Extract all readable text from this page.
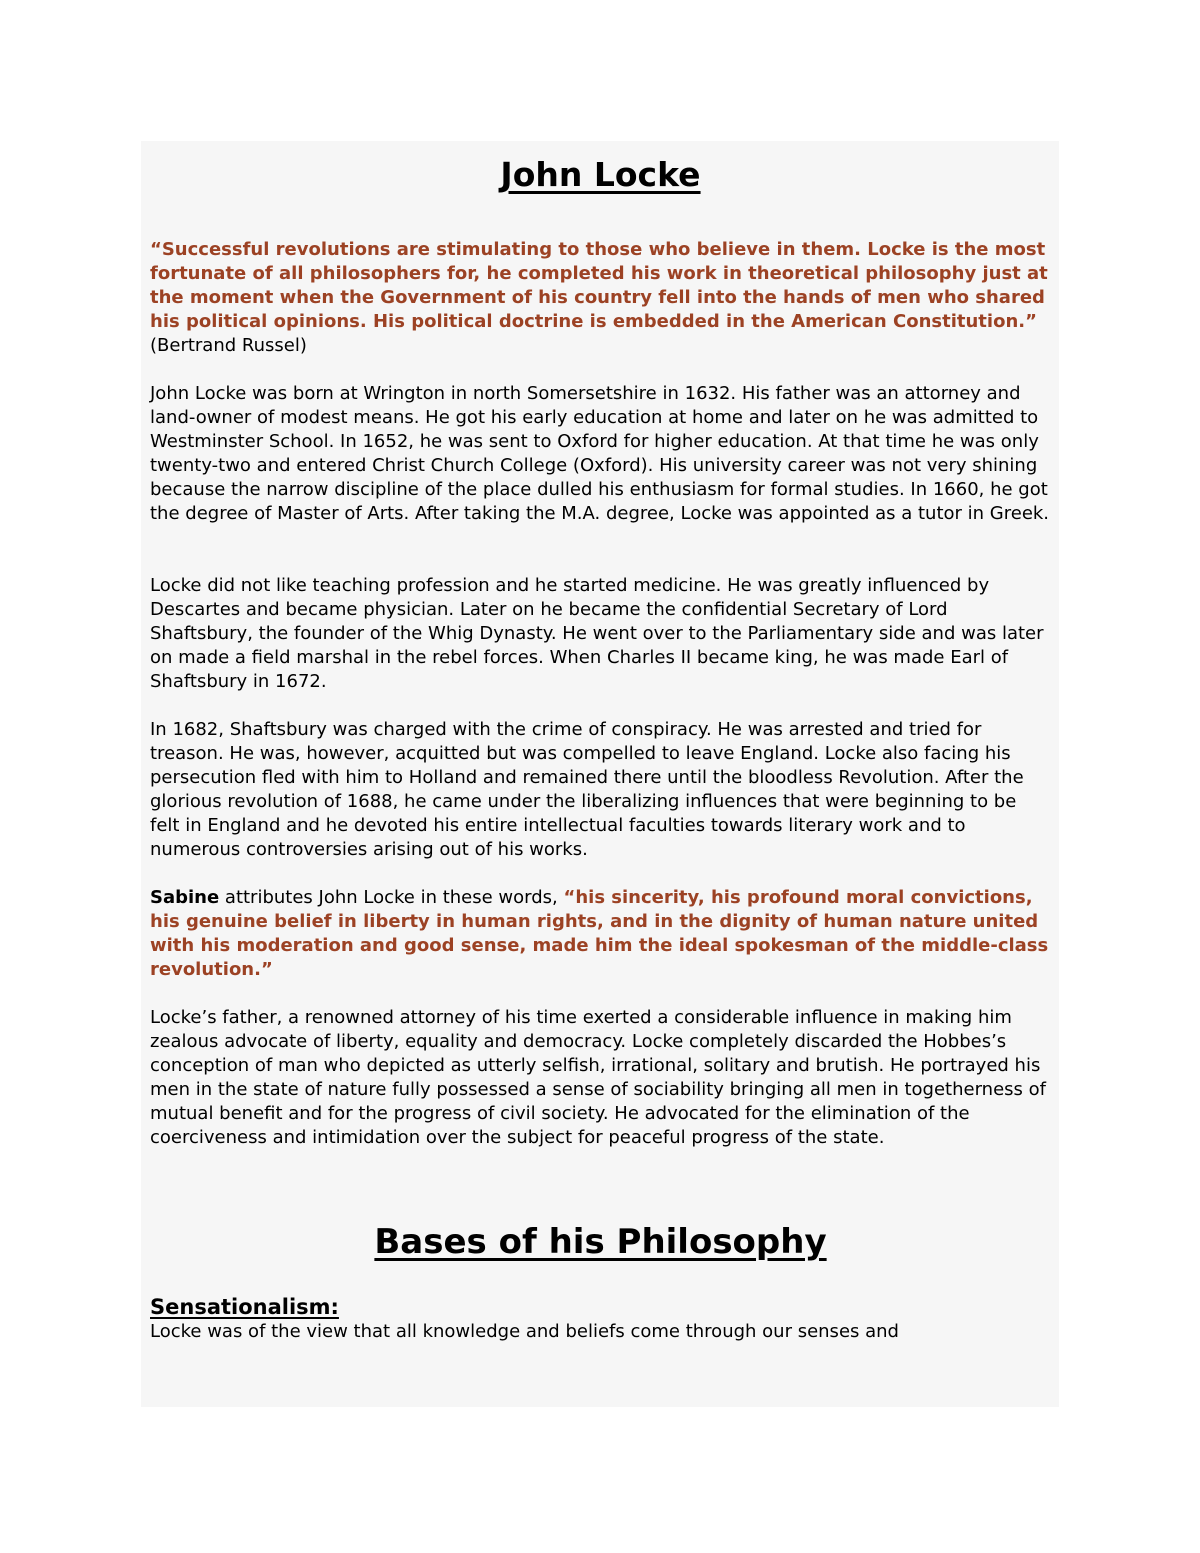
John Locke

“Successful revolutions are stimulating to those who believe in them. Locke is the most fortunate of all philosophers for, he completed his work in theoretical philosophy just at the moment when the Government of his country fell into the hands of men who shared his political opinions. His political doctrine is embedded in the American Constitution.” (Bertrand Russel)

John Locke was born at Wrington in north Somersetshire in 1632. His father was an attorney and land-owner of modest means. He got his early education at home and later on he was admitted to Westminster School. In 1652, he was sent to Oxford for higher education. At that time he was only twenty-two and entered Christ Church College (Oxford). His university career was not very shining because the narrow discipline of the place dulled his enthusiasm for formal studies. In 1660, he got the degree of Master of Arts. After taking the M.A. degree, Locke was appointed as a tutor in Greek.

Locke did not like teaching profession and he started medicine. He was greatly influenced by Descartes and became physician. Later on he became the confidential Secretary of Lord Shaftsbury, the founder of the Whig Dynasty. He went over to the Parliamentary side and was later on made a field marshal in the rebel forces. When Charles II became king, he was made Earl of Shaftsbury in 1672.

In 1682, Shaftsbury was charged with the crime of conspiracy. He was arrested and tried for treason. He was, however, acquitted but was compelled to leave England. Locke also facing his persecution fled with him to Holland and remained there until the bloodless Revolution. After the glorious revolution of 1688, he came under the liberalizing influences that were beginning to be felt in England and he devoted his entire intellectual faculties towards literary work and to numerous controversies arising out of his works.

Sabine attributes John Locke in these words, “his sincerity, his profound moral convictions, his genuine belief in liberty in human rights, and in the dignity of human nature united with his moderation and good sense, made him the ideal spokesman of the middle-class revolution.”

Locke’s father, a renowned attorney of his time exerted a considerable influence in making him zealous advocate of liberty, equality and democracy. Locke completely discarded the Hobbes’s conception of man who depicted as utterly selfish, irrational, solitary and brutish. He portrayed his men in the state of nature fully possessed a sense of sociability bringing all men in togetherness of mutual benefit and for the progress of civil society. He advocated for the elimination of the coerciveness and intimidation over the subject for peaceful progress of the state.

Bases of his Philosophy
Sensationalism:

Locke was of the view that all knowledge and beliefs come through our senses and
